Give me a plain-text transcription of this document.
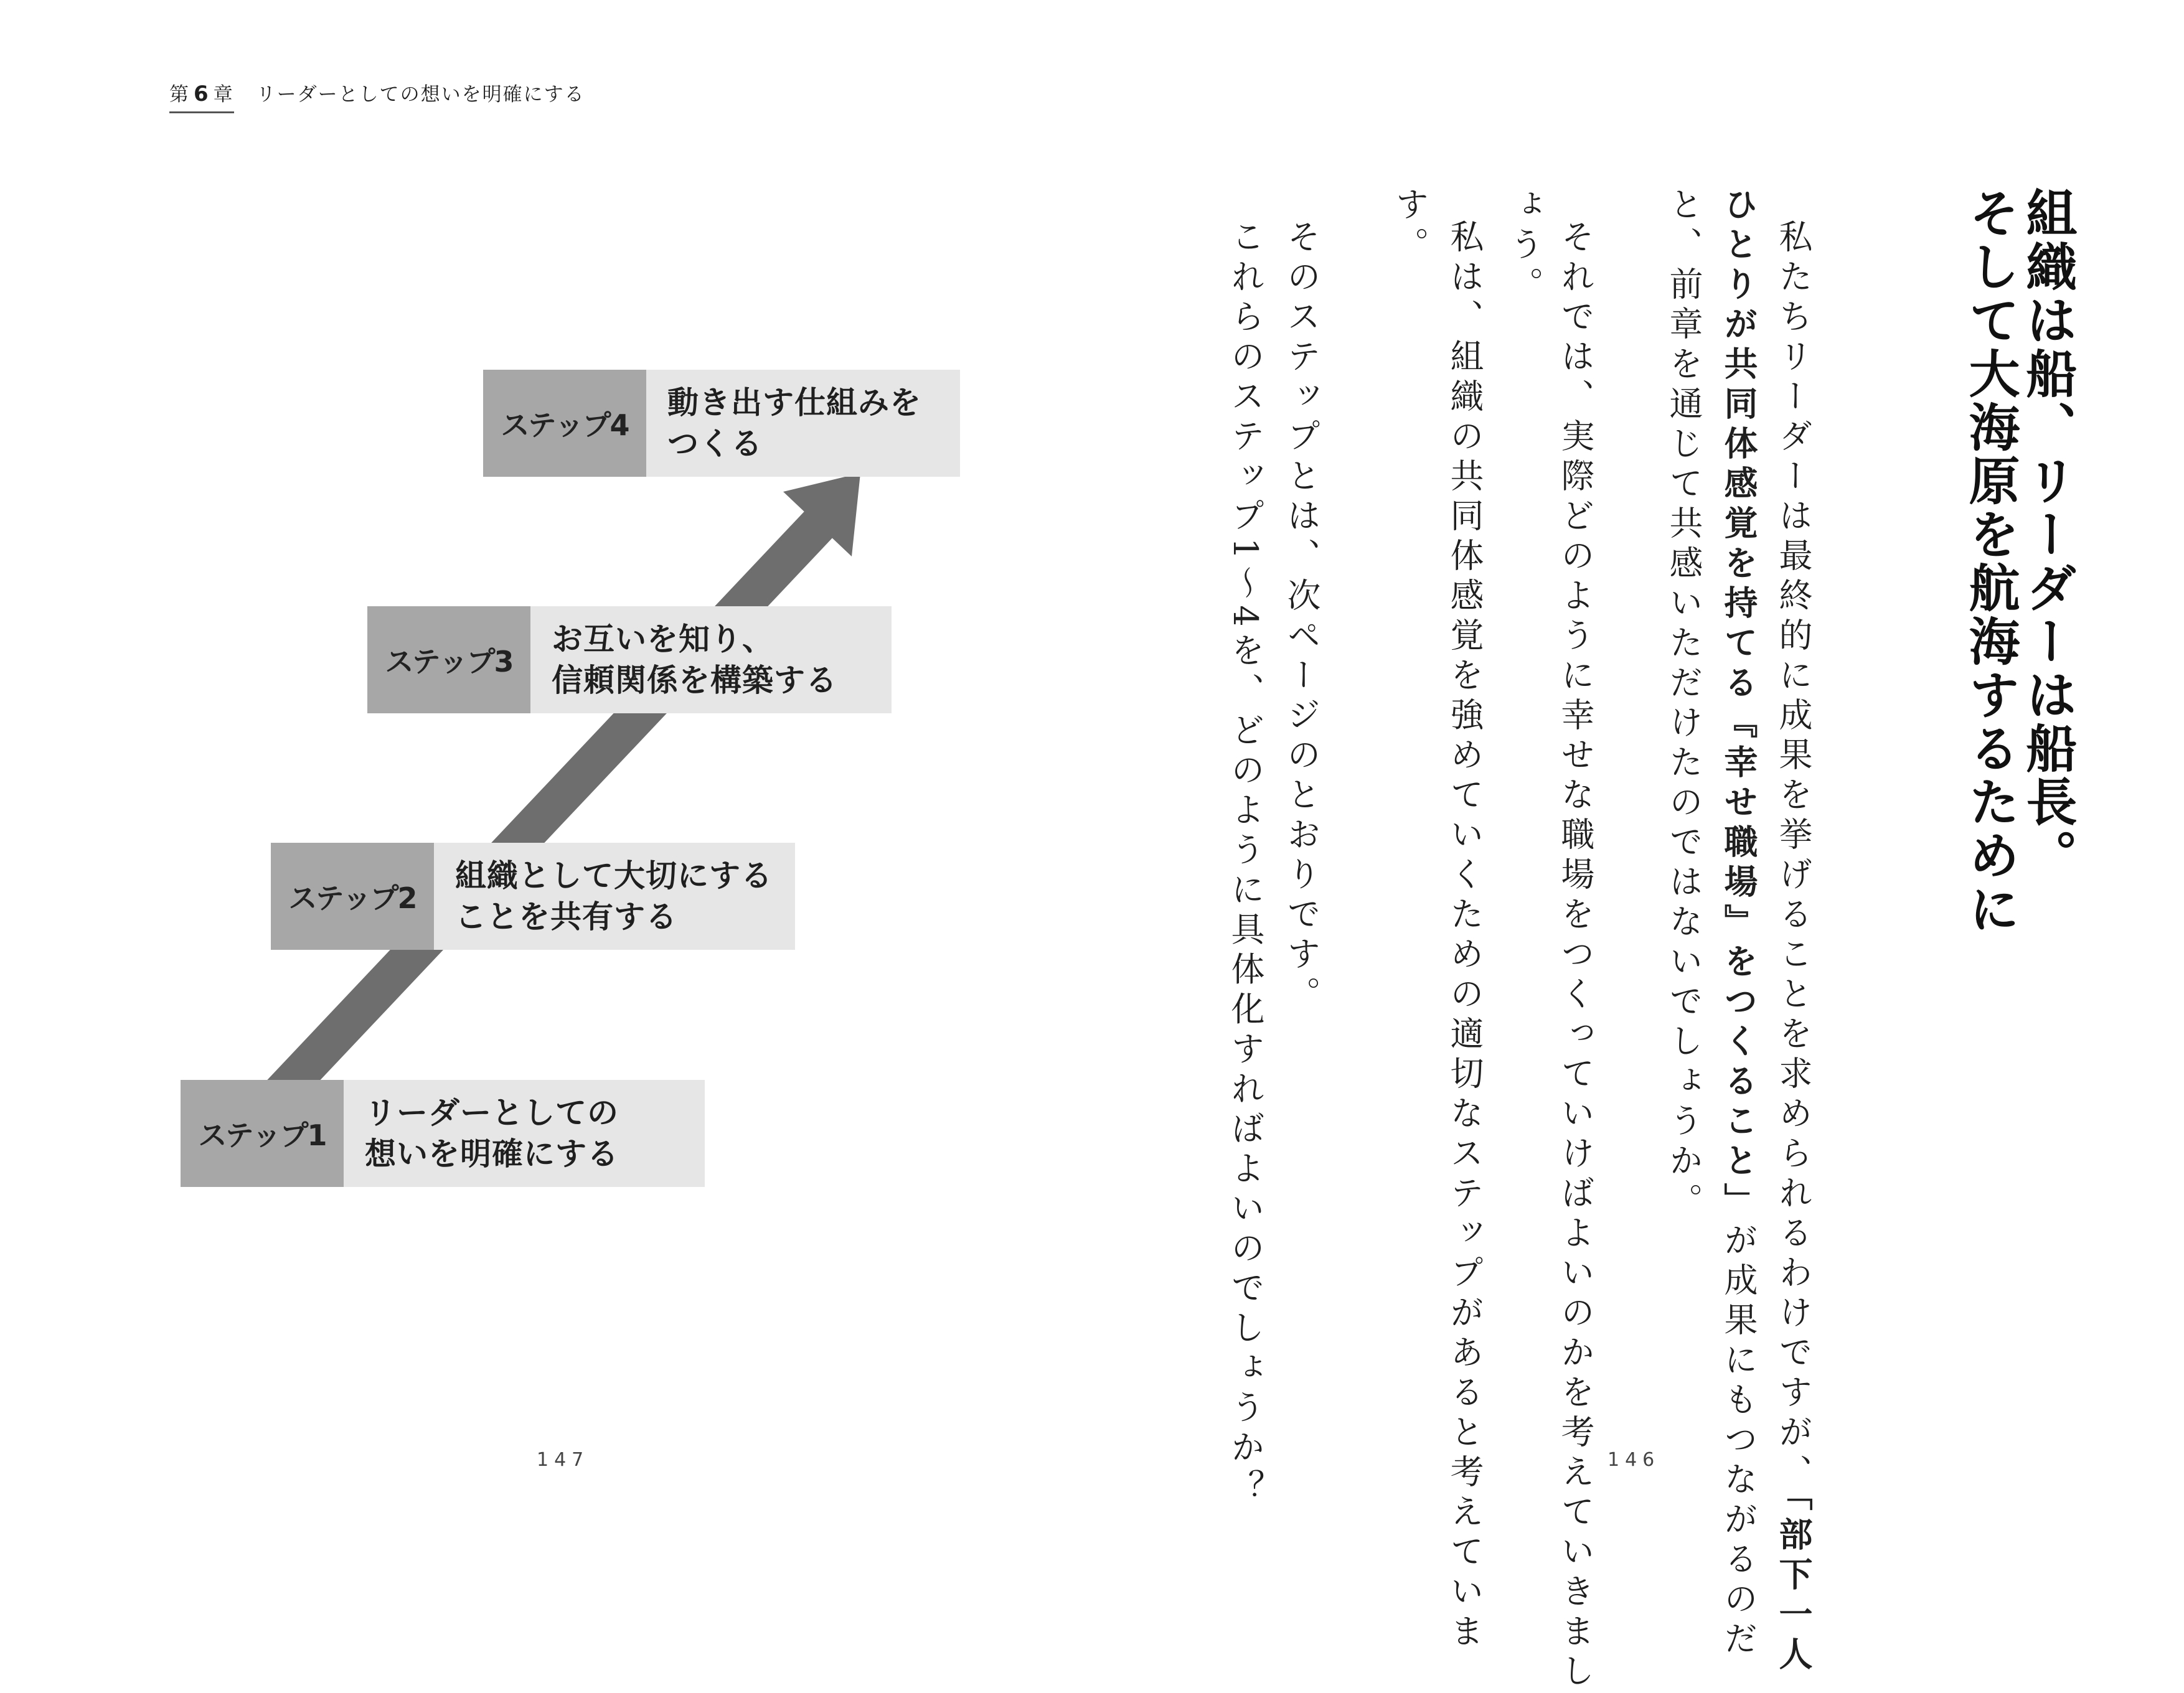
第 6 章 リーダーとしての想いを明確にする
ステップ1
リーダーとしての
想いを明確にする
ステップ2
組織として大切にする
ことを共有する
ステップ3
お互いを知り、
信頼関係を構築する
ステップ4
動き出す仕組みを
つくる	組織は船、リーダーは船長。
そして大海原を航海するために
私たちリーダーは最終的に成果を挙げることを求められるわけですが、「部下一人
ひとりが共同体感覚を持てる『幸せ職場』をつくること」が成果にもつながるのだ
と、前章を通じて共感いただけたのではないでしょうか。
それでは、実際どのように幸せな職場をつくっていけばよいのかを考えていきまし
ょう。
私は、組織の共同体感覚を強めていくための適切なステップがあると考えていま
す。
そのステップとは、次ページのとおりです。
これらのステップ1〜4を、どのように具体化すればよいのでしょうか？
147	146
